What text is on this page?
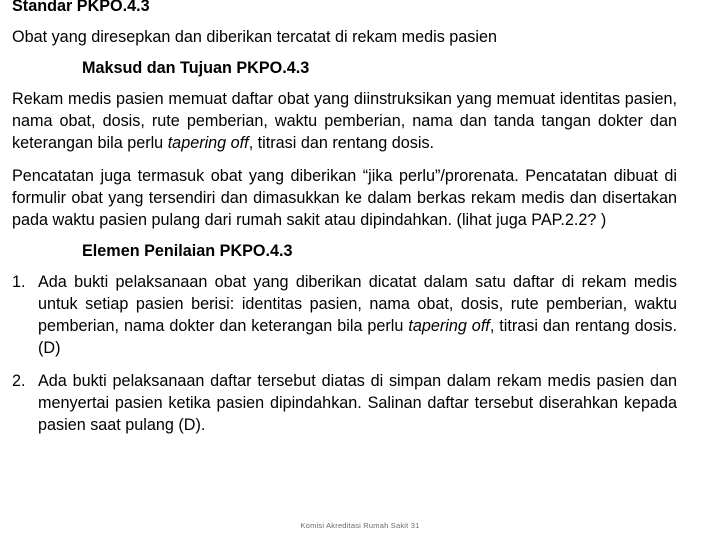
Standar PKPO.4.3

Obat yang diresepkan dan diberikan tercatat di rekam medis pasien

Maksud dan Tujuan PKPO.4.3

Rekam medis pasien memuat daftar obat yang diinstruksikan yang memuat identitas pasien, nama obat, dosis, rute pemberian, waktu pemberian, nama dan tanda tangan dokter dan keterangan bila perlu tapering off, titrasi dan rentang dosis.

Pencatatan juga termasuk obat yang diberikan “jika perlu”/prorenata. Pencatatan dibuat di formulir obat yang tersendiri dan dimasukkan ke dalam berkas rekam medis dan disertakan pada waktu pasien pulang dari rumah sakit atau dipindahkan. (lihat juga PAP.2.2? )

Elemen Penilaian PKPO.4.3

1. Ada bukti pelaksanaan obat yang diberikan dicatat dalam satu daftar di rekam medis untuk setiap pasien berisi: identitas pasien, nama obat, dosis, rute pemberian, waktu pemberian, nama dokter dan keterangan bila perlu tapering off, titrasi dan rentang dosis. (D)
2. Ada bukti pelaksanaan daftar tersebut diatas di simpan dalam rekam medis pasien dan menyertai pasien ketika pasien dipindahkan. Salinan daftar tersebut diserahkan kepada pasien saat pulang (D).
Komisi Akreditasi Rumah Sakit 31
